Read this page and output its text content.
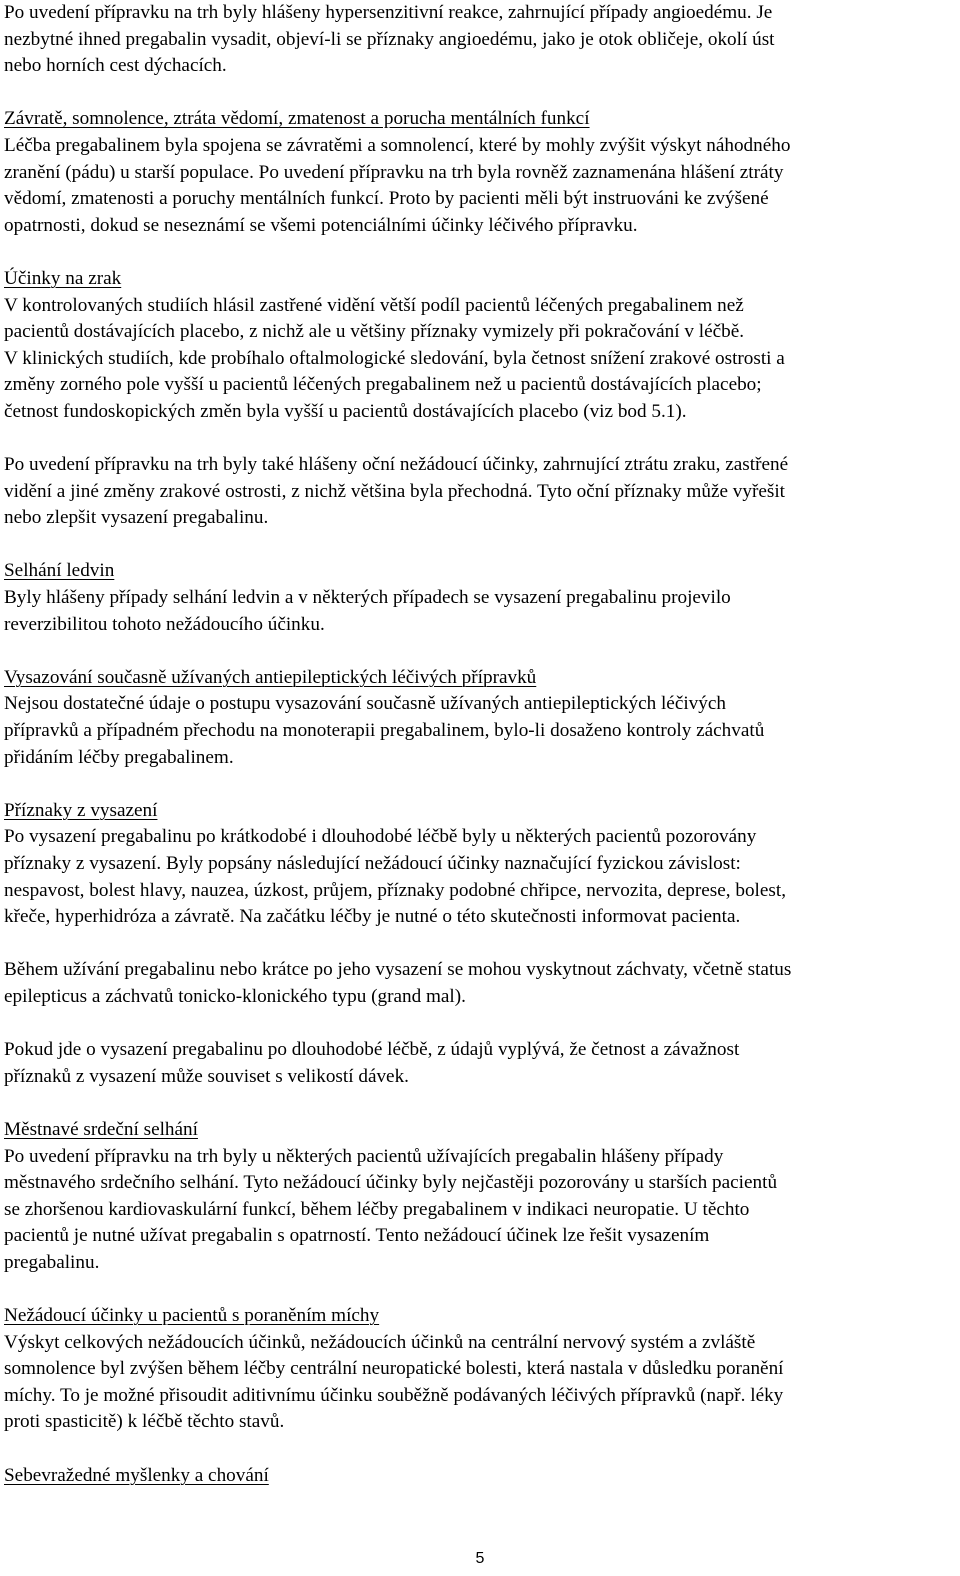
Po uvedení přípravku na trh byly hlášeny hypersenzitivní reakce, zahrnující případy angioedému. Je
nezbytné ihned pregabalin vysadit, objeví-li se příznaky angioedému, jako je otok obličeje, okolí úst
nebo horních cest dýchacích.
Závratě, somnolence, ztráta vědomí, zmatenost a porucha mentálních funkcí
Léčba pregabalinem byla spojena se závratěmi a somnolencí, které by mohly zvýšit výskyt náhodného
zranění (pádu) u starší populace. Po uvedení přípravku na trh byla rovněž zaznamenána hlášení ztráty
vědomí, zmatenosti a poruchy mentálních funkcí. Proto by pacienti měli být instruováni ke zvýšené
opatrnosti, dokud se neseznámí se všemi potenciálními účinky léčivého přípravku.
Účinky na zrak
V kontrolovaných studiích hlásil zastřené vidění větší podíl pacientů léčených pregabalinem než
pacientů dostávajících placebo, z nichž ale u většiny příznaky vymizely při pokračování v léčbě.
V klinických studiích, kde probíhalo oftalmologické sledování, byla četnost snížení zrakové ostrosti a
změny zorného pole vyšší u pacientů léčených pregabalinem než u pacientů dostávajících placebo;
četnost fundoskopických změn byla vyšší u pacientů dostávajících placebo (viz bod 5.1).
Po uvedení přípravku na trh byly také hlášeny oční nežádoucí účinky, zahrnující ztrátu zraku, zastřené
vidění a jiné změny zrakové ostrosti, z nichž většina byla přechodná. Tyto oční příznaky může vyřešit
nebo zlepšit vysazení pregabalinu.
Selhání ledvin
Byly hlášeny případy selhání ledvin a v některých případech se vysazení pregabalinu projevilo
reverzibilitou tohoto nežádoucího účinku.
Vysazování současně užívaných antiepileptických léčivých přípravků
Nejsou dostatečné údaje o postupu vysazování současně užívaných antiepileptických léčivých
přípravků a případném přechodu na monoterapii pregabalinem, bylo-li dosaženo kontroly záchvatů
přidáním léčby pregabalinem.
Příznaky z vysazení
Po vysazení pregabalinu po krátkodobé i dlouhodobé léčbě byly u některých pacientů pozorovány
příznaky z vysazení. Byly popsány následující nežádoucí účinky naznačující fyzickou závislost:
nespavost, bolest hlavy, nauzea, úzkost, průjem, příznaky podobné chřipce, nervozita, deprese, bolest,
křeče, hyperhidróza a závratě. Na začátku léčby je nutné o této skutečnosti informovat pacienta.
Během užívání pregabalinu nebo krátce po jeho vysazení se mohou vyskytnout záchvaty, včetně status
epilepticus a záchvatů tonicko-klonického typu (grand mal).
Pokud jde o vysazení pregabalinu po dlouhodobé léčbě, z údajů vyplývá, že četnost a závažnost
příznaků z vysazení může souviset s velikostí dávek.
Městnavé srdeční selhání
Po uvedení přípravku na trh byly u některých pacientů užívajících pregabalin hlášeny případy
městnavého srdečního selhání. Tyto nežádoucí účinky byly nejčastěji pozorovány u starších pacientů
se zhoršenou kardiovaskulární funkcí, během léčby pregabalinem v indikaci neuropatie. U těchto
pacientů je nutné užívat pregabalin s opatrností. Tento nežádoucí účinek lze řešit vysazením
pregabalinu.
Nežádoucí účinky u pacientů s poraněním míchy
Výskyt celkových nežádoucích účinků, nežádoucích účinků na centrální nervový systém a zvláště
somnolence byl zvýšen během léčby centrální neuropatické bolesti, která nastala v důsledku poranění
míchy. To je možné přisoudit aditivnímu účinku souběžně podávaných léčivých přípravků (např. léky
proti spasticitě) k léčbě těchto stavů.
Sebevražedné myšlenky a chování
5
